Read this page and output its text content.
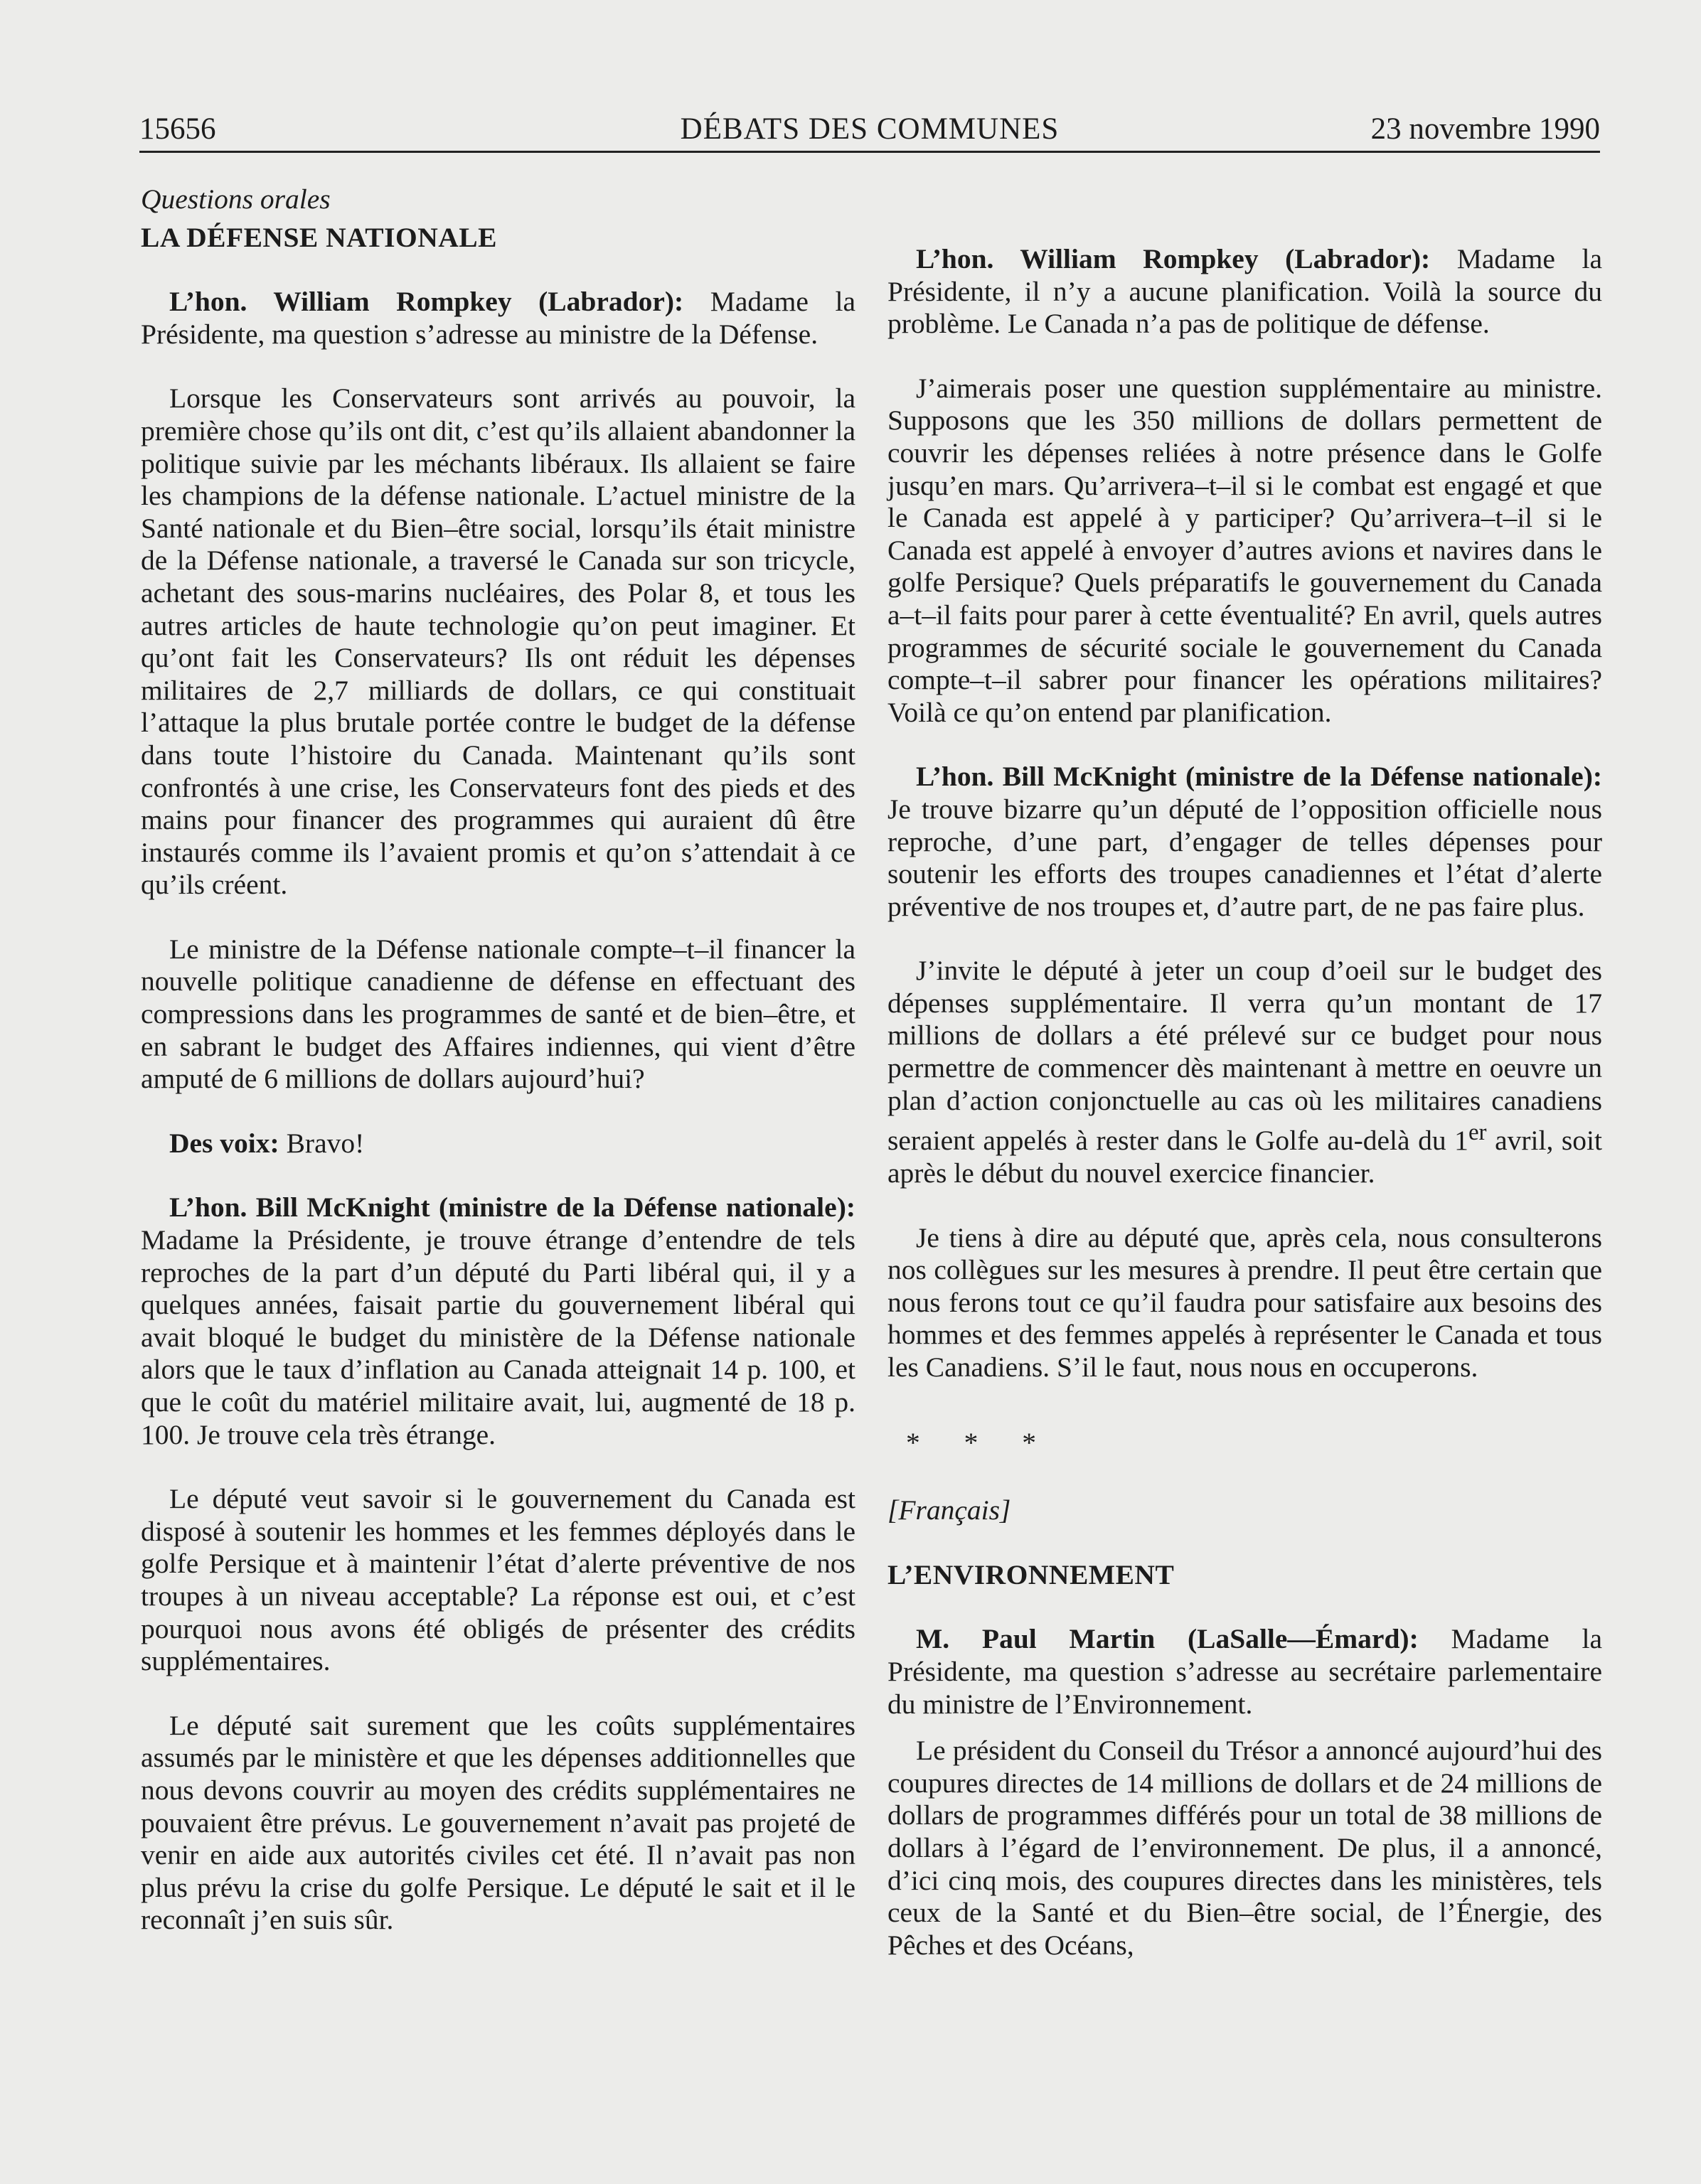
15656	DÉBATS DES COMMUNES	23 novembre 1990

Questions orales

LA DÉFENSE NATIONALE

L’hon. William Rompkey (Labrador): Madame la Présidente, ma question s’adresse au ministre de la Défense.

Lorsque les Conservateurs sont arrivés au pouvoir, la première chose qu’ils ont dit, c’est qu’ils allaient abandonner la politique suivie par les méchants libéraux. Ils allaient se faire les champions de la défense nationale. L’actuel ministre de la Santé nationale et du Bien–être social, lorsqu’ils était ministre de la Défense nationale, a traversé le Canada sur son tricycle, achetant des sous-marins nucléaires, des Polar 8, et tous les autres articles de haute technologie qu’on peut imaginer. Et qu’ont fait les Conservateurs? Ils ont réduit les dépenses militaires de 2,7 milliards de dollars, ce qui constituait l’attaque la plus brutale portée contre le budget de la défense dans toute l’histoire du Canada. Maintenant qu’ils sont confrontés à une crise, les Conservateurs font des pieds et des mains pour financer des programmes qui auraient dû être instaurés comme ils l’avaient promis et qu’on s’attendait à ce qu’ils créent.

Le ministre de la Défense nationale compte–t–il financer la nouvelle politique canadienne de défense en effectuant des compressions dans les programmes de santé et de bien–être, et en sabrant le budget des Affaires indiennes, qui vient d’être amputé de 6 millions de dollars aujourd’hui?

Des voix: Bravo!

L’hon. Bill McKnight (ministre de la Défense nationale): Madame la Présidente, je trouve étrange d’entendre de tels reproches de la part d’un député du Parti libéral qui, il y a quelques années, faisait partie du gouvernement libéral qui avait bloqué le budget du ministère de la Défense nationale alors que le taux d’inflation au Canada atteignait 14 p. 100, et que le coût du matériel militaire avait, lui, augmenté de 18 p. 100. Je trouve cela très étrange.

Le député veut savoir si le gouvernement du Canada est disposé à soutenir les hommes et les femmes déployés dans le golfe Persique et à maintenir l’état d’alerte préventive de nos troupes à un niveau acceptable? La réponse est oui, et c’est pourquoi nous avons été obligés de présenter des crédits supplémentaires.

Le député sait surement que les coûts supplémentaires assumés par le ministère et que les dépenses additionnelles que nous devons couvrir au moyen des crédits supplémentaires ne pouvaient être prévus. Le gouvernement n’avait pas projeté de venir en aide aux autorités civiles cet été. Il n’avait pas non plus prévu la crise du golfe Persique. Le député le sait et il le reconnaît j’en suis sûr.

L’hon. William Rompkey (Labrador): Madame la Présidente, il n’y a aucune planification. Voilà la source du problème. Le Canada n’a pas de politique de défense.

J’aimerais poser une question supplémentaire au ministre. Supposons que les 350 millions de dollars permettent de couvrir les dépenses reliées à notre présence dans le Golfe jusqu’en mars. Qu’arrivera–t–il si le combat est engagé et que le Canada est appelé à y participer? Qu’arrivera–t–il si le Canada est appelé à envoyer d’autres avions et navires dans le golfe Persique? Quels préparatifs le gouvernement du Canada a–t–il faits pour parer à cette éventualité? En avril, quels autres programmes de sécurité sociale le gouvernement du Canada compte–t–il sabrer pour financer les opérations militaires? Voilà ce qu’on entend par planification.

L’hon. Bill McKnight (ministre de la Défense nationale): Je trouve bizarre qu’un député de l’opposition officielle nous reproche, d’une part, d’engager de telles dépenses pour soutenir les efforts des troupes canadiennes et l’état d’alerte préventive de nos troupes et, d’autre part, de ne pas faire plus.

J’invite le député à jeter un coup d’oeil sur le budget des dépenses supplémentaire. Il verra qu’un montant de 17 millions de dollars a été prélevé sur ce budget pour nous permettre de commencer dès maintenant à mettre en oeuvre un plan d’action conjonctuelle au cas où les militaires canadiens seraient appelés à rester dans le Golfe au-delà du 1er avril, soit après le début du nouvel exercice financier.

Je tiens à dire au député que, après cela, nous consulterons nos collègues sur les mesures à prendre. Il peut être certain que nous ferons tout ce qu’il faudra pour satisfaire aux besoins des hommes et des femmes appelés à représenter le Canada et tous les Canadiens. S’il le faut, nous nous en occuperons.

* * *

[Français]

L’ENVIRONNEMENT

M. Paul Martin (LaSalle—Émard): Madame la Présidente, ma question s’adresse au secrétaire parlementaire du ministre de l’Environnement.

Le président du Conseil du Trésor a annoncé aujourd’hui des coupures directes de 14 millions de dollars et de 24 millions de dollars de programmes différés pour un total de 38 millions de dollars à l’égard de l’environnement. De plus, il a annoncé, d’ici cinq mois, des coupures directes dans les ministères, tels ceux de la Santé et du Bien–être social, de l’Énergie, des Pêches et des Océans,
